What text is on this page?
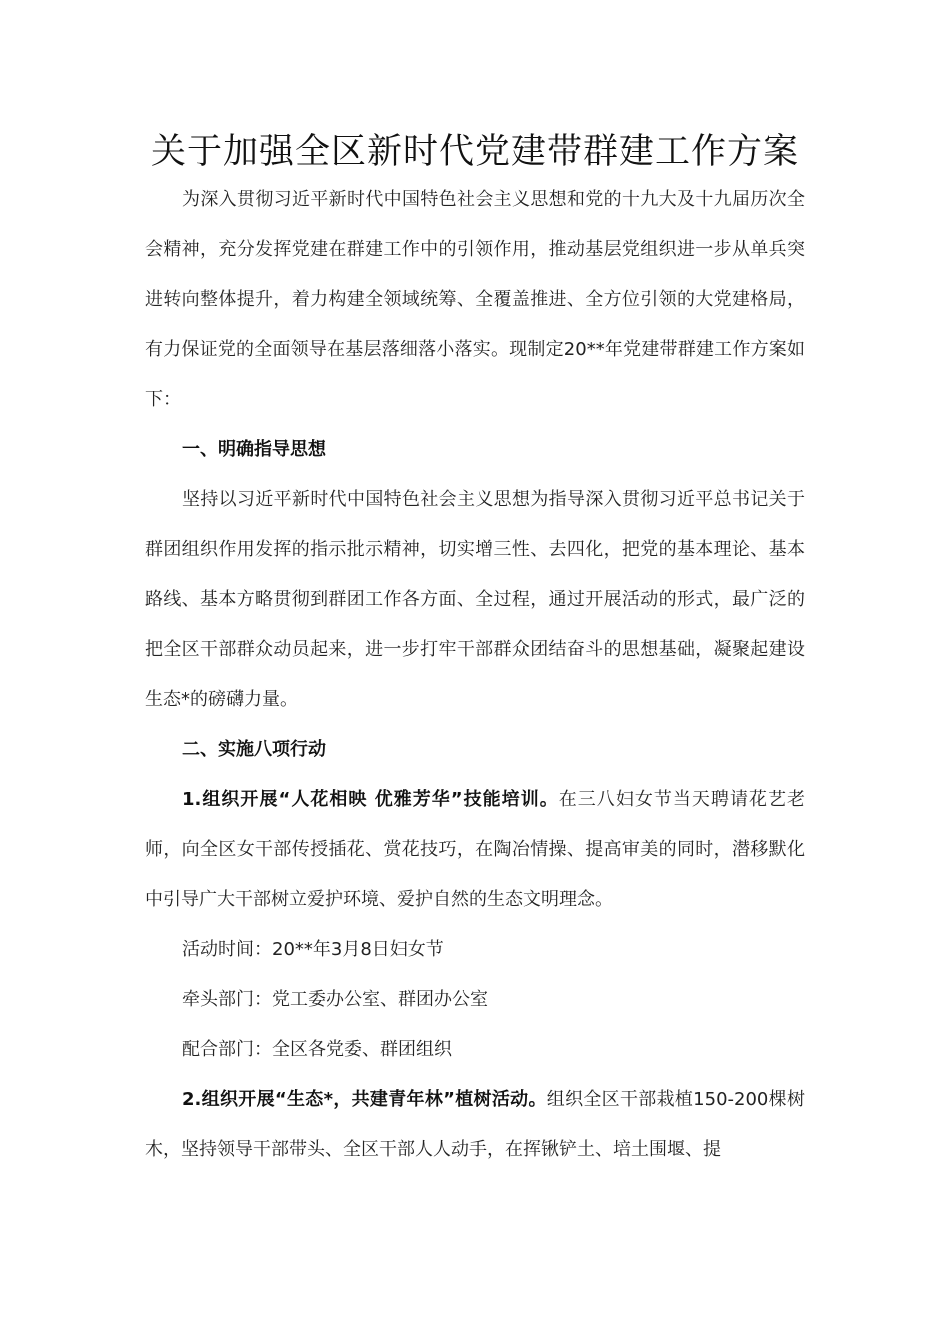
关于加强全区新时代党建带群建工作方案

为深入贯彻习近平新时代中国特色社会主义思想和党的十九大及十九届历次全会精神，充分发挥党建在群建工作中的引领作用，推动基层党组织进一步从单兵突进转向整体提升，着力构建全领域统筹、全覆盖推进、全方位引领的大党建格局，有力保证党的全面领导在基层落细落小落实。现制定20**年党建带群建工作方案如下：

一、明确指导思想

坚持以习近平新时代中国特色社会主义思想为指导深入贯彻习近平总书记关于群团组织作用发挥的指示批示精神，切实增三性、去四化，把党的基本理论、基本路线、基本方略贯彻到群团工作各方面、全过程，通过开展活动的形式，最广泛的把全区干部群众动员起来，进一步打牢干部群众团结奋斗的思想基础，凝聚起建设生态*的磅礴力量。

二、实施八项行动

1.组织开展“人花相映 优雅芳华”技能培训。在三八妇女节当天聘请花艺老师，向全区女干部传授插花、赏花技巧，在陶冶情操、提高审美的同时，潜移默化中引导广大干部树立爱护环境、爱护自然的生态文明理念。

活动时间：20**年3月8日妇女节

牵头部门：党工委办公室、群团办公室

配合部门：全区各党委、群团组织

2.组织开展“生态*，共建青年林”植树活动。组织全区干部栽植150-200棵树木，坚持领导干部带头、全区干部人人动手，在挥锹铲土、培土围堰、提
